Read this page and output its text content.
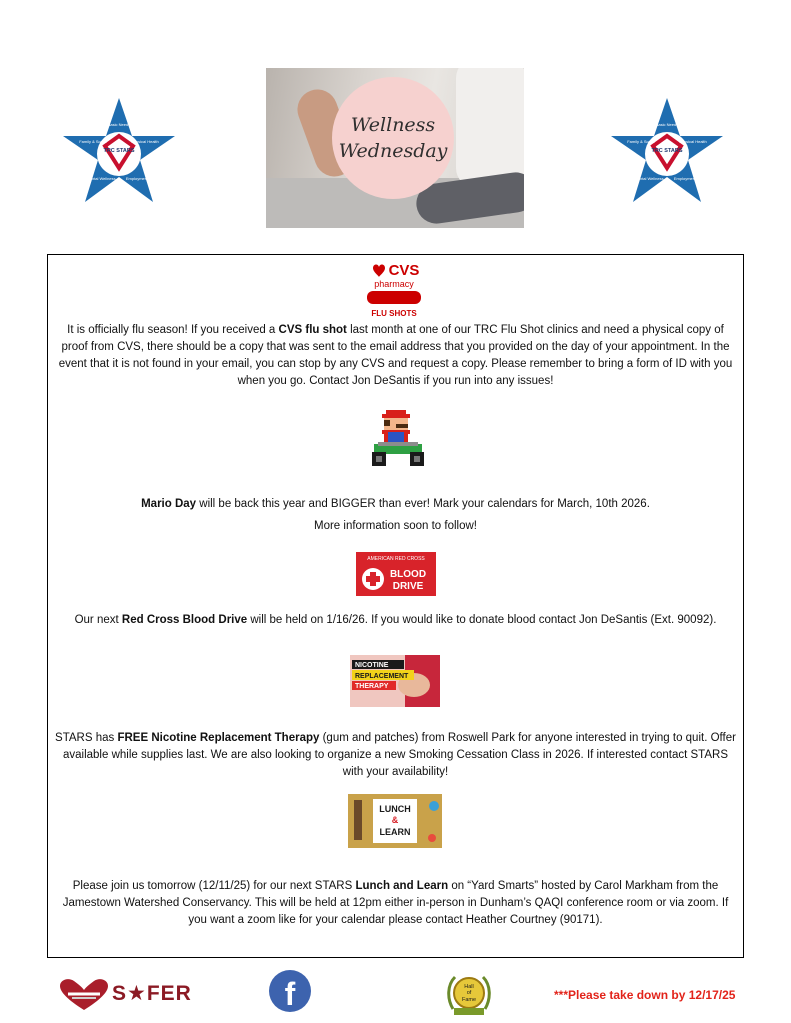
TRC STARS
Basic Needs
Physical Health
Employment
Mental Wellness
Family & Social
Wellness
Wednesday	TRC STARS
Basic Needs
Physical Health
Employment
Mental Wellness
Family & Social
CVS
pharmacy
FLU SHOTS

It is officially flu season! If you received a CVS flu shot last month at one of our TRC Flu Shot clinics and need a physical copy of proof from CVS, there should be a copy that was sent to the email address that you provided on the day of your appointment. In the event that it is not found in your email, you can stop by any CVS and request a copy. Please remember to bring a form of ID with you when you go. Contact Jon DeSantis if you run into any issues!

Mario Day will be back this year and BIGGER than ever! Mark your calendars for March, 10th 2026.

More information soon to follow!

AMERICAN RED CROSS
BLOOD
DRIVE

Our next Red Cross Blood Drive will be held on 1/16/26. If you would like to donate blood contact Jon DeSantis (Ext. 90092).

NICOTINE
REPLACEMENT
THERAPY

STARS has FREE Nicotine Replacement Therapy (gum and patches) from Roswell Park for anyone interested in trying to quit. Offer available while supplies last. We are also looking to organize a new Smoking Cessation Class in 2026. If interested contact STARS with your availability!

LUNCH
&
LEARN

Please join us tomorrow (12/11/25) for our next STARS Lunch and Learn on “Yard Smarts” hosted by Carol Markham from the Jamestown Watershed Conservancy. This will be held at 12pm either in-person in Dunham’s QAQI conference room or via zoom. If you want a zoom like for your calendar please contact Heather Courtney (90171).

S★FER	f	Hall
of
Fame	***Please take down by 12/17/25
